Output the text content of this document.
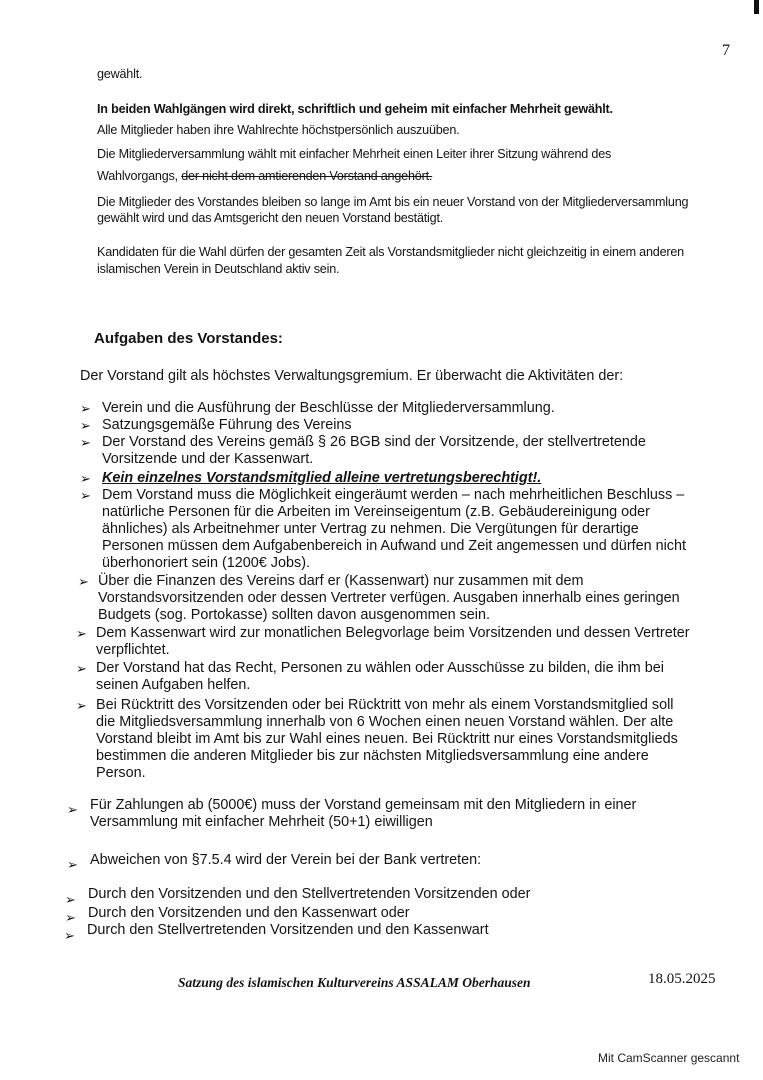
7
gewählt.
In beiden Wahlgängen wird direkt, schriftlich und geheim mit einfacher Mehrheit gewählt.
Alle Mitglieder haben ihre Wahlrechte höchstpersönlich auszuüben.
Die Mitgliederversammlung wählt mit einfacher Mehrheit einen Leiter ihrer Sitzung während des
Wahlvorgangs, der nicht dem amtierenden Vorstand angehört.
Die Mitglieder des Vorstandes bleiben so lange im Amt bis ein neuer Vorstand von der Mitgliederversammlung
gewählt wird und das Amtsgericht den neuen Vorstand bestätigt.
Kandidaten für die Wahl dürfen der gesamten Zeit als Vorstandsmitglieder nicht gleichzeitig in einem anderen
islamischen Verein in Deutschland aktiv sein.
Aufgaben des Vorstandes:
Der Vorstand gilt als höchstes Verwaltungsgremium. Er überwacht die Aktivitäten der:
➢ Verein und die Ausführung der Beschlüsse der Mitgliederversammlung.
➢ Satzungsgemäße Führung des Vereins
➢ Der Vorstand des Vereins gemäß § 26 BGB sind der Vorsitzende, der stellvertretende
Vorsitzende und der Kassenwart.
➢ Kein einzelnes Vorstandsmitglied alleine vertretungsberechtigt!.
➢ Dem Vorstand muss die Möglichkeit eingeräumt werden – nach mehrheitlichen Beschluss –
natürliche Personen für die Arbeiten im Vereinseigentum (z.B. Gebäudereinigung oder
ähnliches) als Arbeitnehmer unter Vertrag zu nehmen. Die Vergütungen für derartige
Personen müssen dem Aufgabenbereich in Aufwand und Zeit angemessen und dürfen nicht
überhonoriert sein (1200€ Jobs).
➢ Über die Finanzen des Vereins darf er (Kassenwart) nur zusammen mit dem
Vorstandsvorsitzenden oder dessen Vertreter verfügen. Ausgaben innerhalb eines geringen
Budgets (sog. Portokasse) sollten davon ausgenommen sein.
➢ Dem Kassenwart wird zur monatlichen Belegvorlage beim Vorsitzenden und dessen Vertreter
verpflichtet.
➢ Der Vorstand hat das Recht, Personen zu wählen oder Ausschüsse zu bilden, die ihm bei
seinen Aufgaben helfen.
➢ Bei Rücktritt des Vorsitzenden oder bei Rücktritt von mehr als einem Vorstandsmitglied soll
die Mitgliedsversammlung innerhalb von 6 Wochen einen neuen Vorstand wählen. Der alte
Vorstand bleibt im Amt bis zur Wahl eines neuen. Bei Rücktritt nur eines Vorstandsmitglieds
bestimmen die anderen Mitglieder bis zur nächsten Mitgliedsversammlung eine andere
Person.
➢ Für Zahlungen ab (5000€) muss der Vorstand gemeinsam mit den Mitgliedern in einer
Versammlung mit einfacher Mehrheit (50+1) eiwilligen
➢ Abweichen von §7.5.4 wird der Verein bei der Bank vertreten:
➢ Durch den Vorsitzenden und den Stellvertretenden Vorsitzenden oder
➢ Durch den Vorsitzenden und den Kassenwart oder
➢ Durch den Stellvertretenden Vorsitzenden und den Kassenwart
Satzung des islamischen Kulturvereins ASSALAM Oberhausen	18.05.2025
Mit CamScanner gescannt
